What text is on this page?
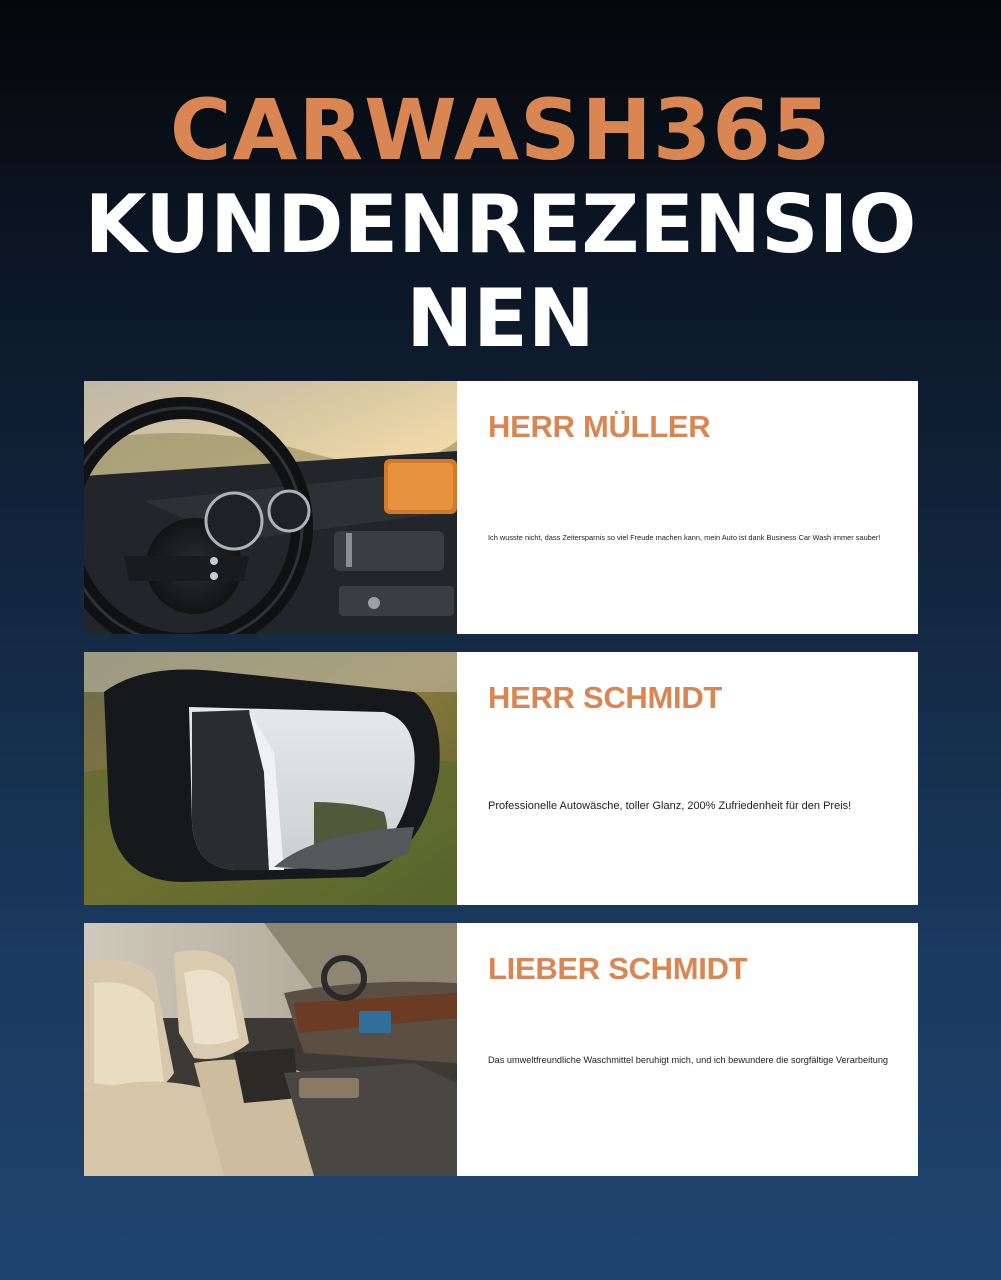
CARWASH365
KUNDENREZENSIONEN
HERR MÜLLER
Ich wusste nicht, dass Zeitersparnis so viel Freude machen kann, mein Auto ist dank Business Car Wash immer sauber!
HERR SCHMIDT
Professionelle Autowäsche, toller Glanz, 200% Zufriedenheit für den Preis!
LIEBER SCHMIDT
Das umweltfreundliche Waschmittel beruhigt mich, und ich bewundere die sorgfältige Verarbeitung
